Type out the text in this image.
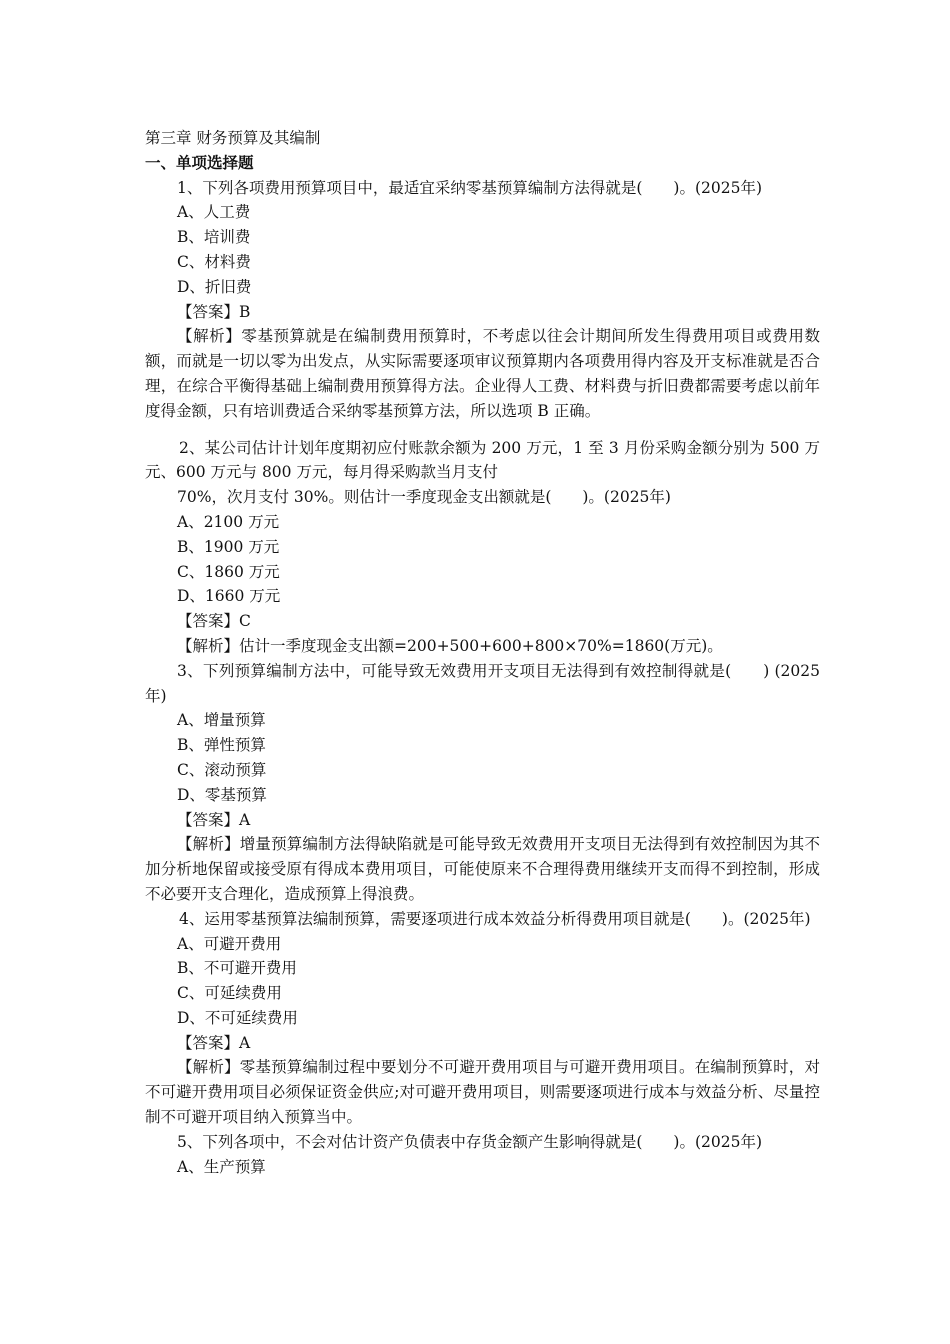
第三章 财务预算及其编制
一、单项选择题
1、下列各项费用预算项目中，最适宜采纳零基预算编制方法得就是(　　)。(2025年)
A、人工费
B、培训费
C、材料费
D、折旧费
【答案】B
【解析】零基预算就是在编制费用预算时，不考虑以往会计期间所发生得费用项目或费用数额，而就是一切以零为出发点，从实际需要逐项审议预算期内各项费用得内容及开支标准就是否合理，在综合平衡得基础上编制费用预算得方法。企业得人工费、材料费与折旧费都需要考虑以前年度得金额，只有培训费适合采纳零基预算方法，所以选项 B 正确。
2、某公司估计计划年度期初应付账款余额为 200 万元，1 至 3 月份采购金额分别为 500 万元、600 万元与 800 万元，每月得采购款当月支付
70%，次月支付 30%。则估计一季度现金支出额就是(　　)。(2025年)
A、2100 万元
B、1900 万元
C、1860 万元
D、1660 万元
【答案】C
【解析】估计一季度现金支出额=200+500+600+800×70%=1860(万元)。
3、下列预算编制方法中，可能导致无效费用开支项目无法得到有效控制得就是(　　) (2025年)
A、增量预算
B、弹性预算
C、滚动预算
D、零基预算
【答案】A
【解析】增量预算编制方法得缺陷就是可能导致无效费用开支项目无法得到有效控制因为其不加分析地保留或接受原有得成本费用项目，可能使原来不合理得费用继续开支而得不到控制，形成不必要开支合理化，造成预算上得浪费。
4、运用零基预算法编制预算，需要逐项进行成本效益分析得费用项目就是(　　)。(2025年)
A、可避开费用
B、不可避开费用
C、可延续费用
D、不可延续费用
【答案】A
【解析】零基预算编制过程中要划分不可避开费用项目与可避开费用项目。在编制预算时，对不可避开费用项目必须保证资金供应;对可避开费用项目，则需要逐项进行成本与效益分析、尽量控制不可避开项目纳入预算当中。
5、下列各项中，不会对估计资产负债表中存货金额产生影响得就是(　　)。(2025年)
A、生产预算
